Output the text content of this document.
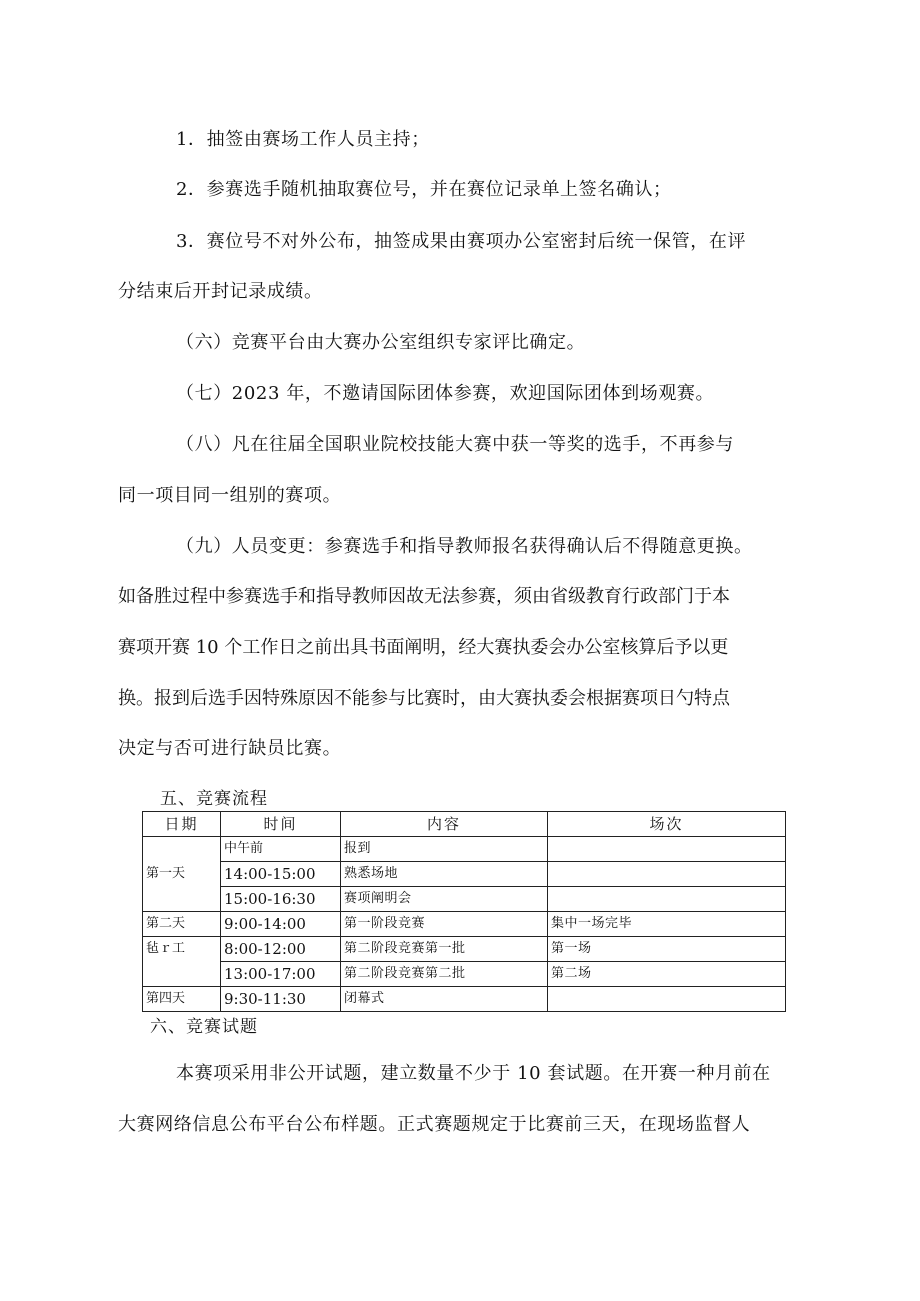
1．抽签由赛场工作人员主持；
2．参赛选手随机抽取赛位号，并在赛位记录单上签名确认；
3．赛位号不对外公布，抽签成果由赛项办公室密封后统一保管，在评
分结束后开封记录成绩。
（六）竞赛平台由大赛办公室组织专家评比确定。
（七）2023 年，不邀请国际团体参赛，欢迎国际团体到场观赛。
（八）凡在往届全国职业院校技能大赛中获一等奖的选手，不再参与
同一项目同一组别的赛项。
（九）人员变更：参赛选手和指导教师报名获得确认后不得随意更换。
如备胜过程中参赛选手和指导教师因故无法参赛，须由省级教育行政部门于本
赛项开赛 10 个工作日之前出具书面阐明，经大赛执委会办公室核算后予以更
换。报到后选手因特殊原因不能参与比赛时，由大赛执委会根据赛项日勺特点
决定与否可进行缺员比赛。
五、竞赛流程
日期	时间	内容	场次
第一天	中午前	报到	
	14:00-15:00	熟悉场地	
	15:00-16:30	赛项阐明会	
第二天	9:00-14:00	第一阶段竞赛	集中一场完毕
毡ｒ工	8:00-12:00	第二阶段竞赛第一批	第一场
	13:00-17:00	第二阶段竞赛第二批	第二场
第四天	9:30-11:30	闭幕式	
六、竞赛试题
本赛项采用非公开试题，建立数量不少于 10 套试题。在开赛一种月前在
大赛网络信息公布平台公布样题。正式赛题规定于比赛前三天，在现场监督人
